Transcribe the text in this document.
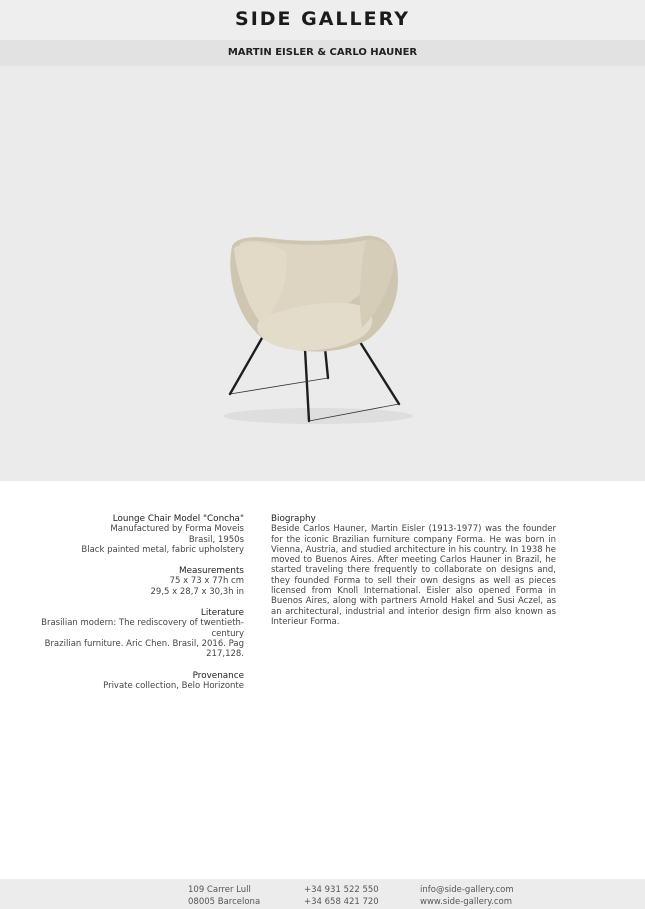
SIDE GALLERY
MARTIN EISLER & CARLO HAUNER
Lounge Chair Model "Concha"
Manufactured by Forma Moveis
Brasil, 1950s
Black painted metal, fabric upholstery
Measurements
75 x 73 x 77h cm
29,5 x 28,7 x 30,3h in
Literature
Brasilian modern: The rediscovery of twentieth-century
Brazilian furniture. Aric Chen. Brasil, 2016. Pag 217,128.
Provenance
Private collection, Belo Horizonte
Biography
Beside Carlos Hauner, Martin Eisler (1913-1977) was the founder for the iconic Brazilian furniture company Forma. He was born in Vienna, Austria, and studied architecture in his country. In 1938 he moved to Buenos Aires. After meeting Carlos Hauner in Brazil, he started traveling there frequently to collaborate on designs and, they founded Forma to sell their own designs as well as pieces licensed from Knoll International. Eisler also opened Forma in Buenos Aires, along with partners Arnold Hakel and Susi Aczel, as an architectural, industrial and interior design firm also known as Interieur Forma.
109 Carrer Lull
08005 Barcelona
+34 931 522 550
+34 658 421 720
info@side-gallery.com
www.side-gallery.com
